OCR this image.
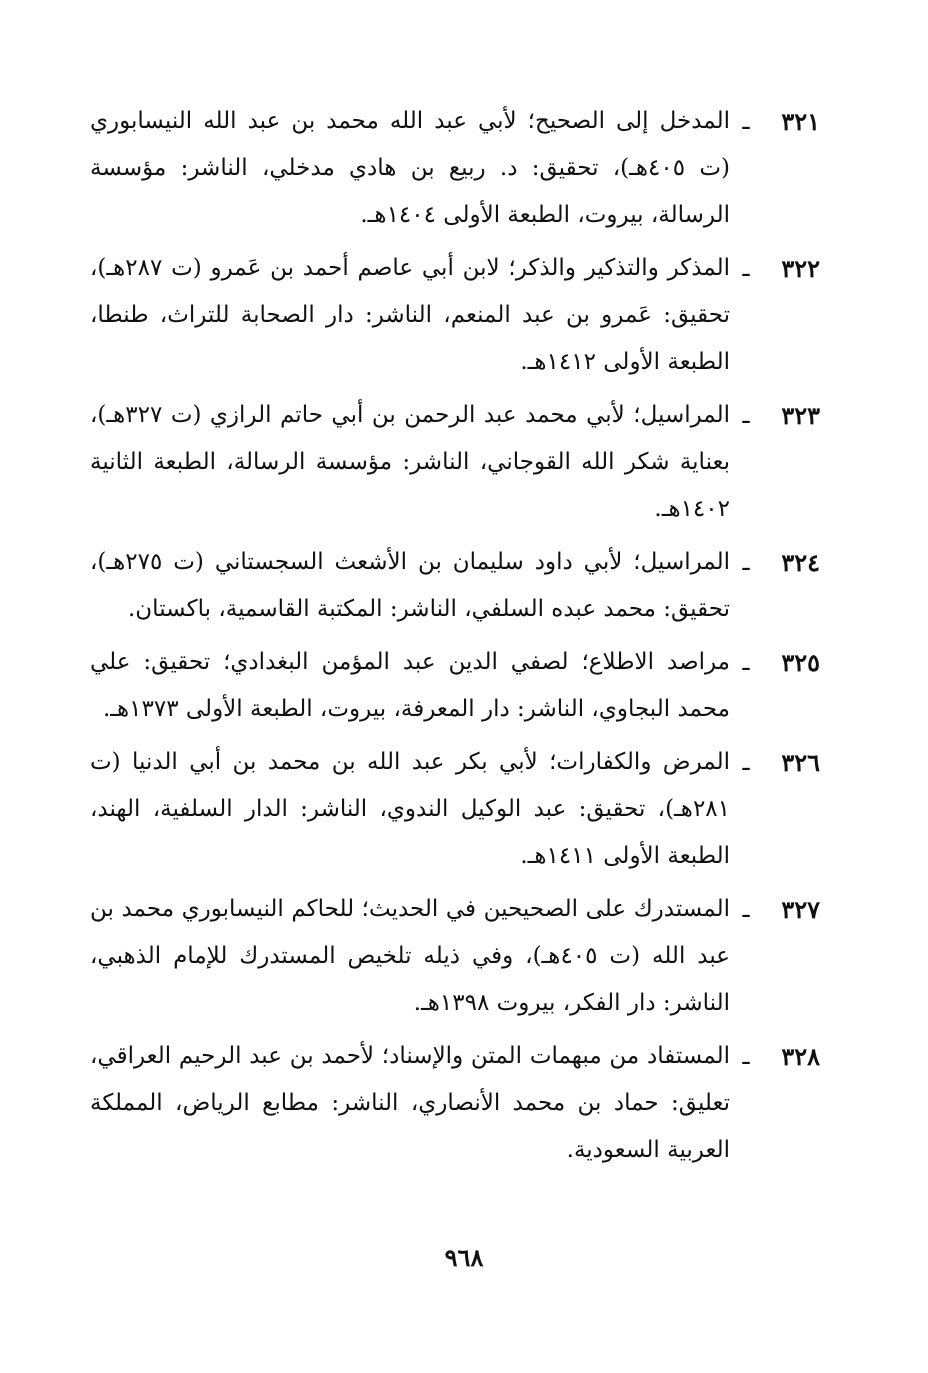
٣٢١
ـ
المدخل إلى الصحيح؛ لأبي عبد الله محمد بن عبد الله النيسابوري (ت ٤٠٥هـ)، تحقيق: د. ربيع بن هادي مدخلي، الناشر: مؤسسة الرسالة، بيروت، الطبعة الأولى ١٤٠٤هـ.
٣٢٢
ـ
المذكر والتذكير والذكر؛ لابن أبي عاصم أحمد بن عَمرو (ت ٢٨٧هـ)، تحقيق: عَمرو بن عبد المنعم، الناشر: دار الصحابة للتراث، طنطا، الطبعة الأولى ١٤١٢هـ.
٣٢٣
ـ
المراسيل؛ لأبي محمد عبد الرحمن بن أبي حاتم الرازي (ت ٣٢٧هـ)، بعناية شكر الله القوجاني، الناشر: مؤسسة الرسالة، الطبعة الثانية ١٤٠٢هـ.
٣٢٤
ـ
المراسيل؛ لأبي داود سليمان بن الأشعث السجستاني (ت ٢٧٥هـ)، تحقيق: محمد عبده السلفي، الناشر: المكتبة القاسمية، باكستان.
٣٢٥
ـ
مراصد الاطلاع؛ لصفي الدين عبد المؤمن البغدادي؛ تحقيق: علي محمد البجاوي، الناشر: دار المعرفة، بيروت، الطبعة الأولى ١٣٧٣هـ.
٣٢٦
ـ
المرض والكفارات؛ لأبي بكر عبد الله بن محمد بن أبي الدنيا (ت ٢٨١هـ)، تحقيق: عبد الوكيل الندوي، الناشر: الدار السلفية، الهند، الطبعة الأولى ١٤١١هـ.
٣٢٧
ـ
المستدرك على الصحيحين في الحديث؛ للحاكم النيسابوري محمد بن عبد الله (ت ٤٠٥هـ)، وفي ذيله تلخيص المستدرك للإمام الذهبي، الناشر: دار الفكر، بيروت ١٣٩٨هـ.
٣٢٨
ـ
المستفاد من مبهمات المتن والإسناد؛ لأحمد بن عبد الرحيم العراقي، تعليق: حماد بن محمد الأنصاري، الناشر: مطابع الرياض، المملكة العربية السعودية.
٩٦٨
